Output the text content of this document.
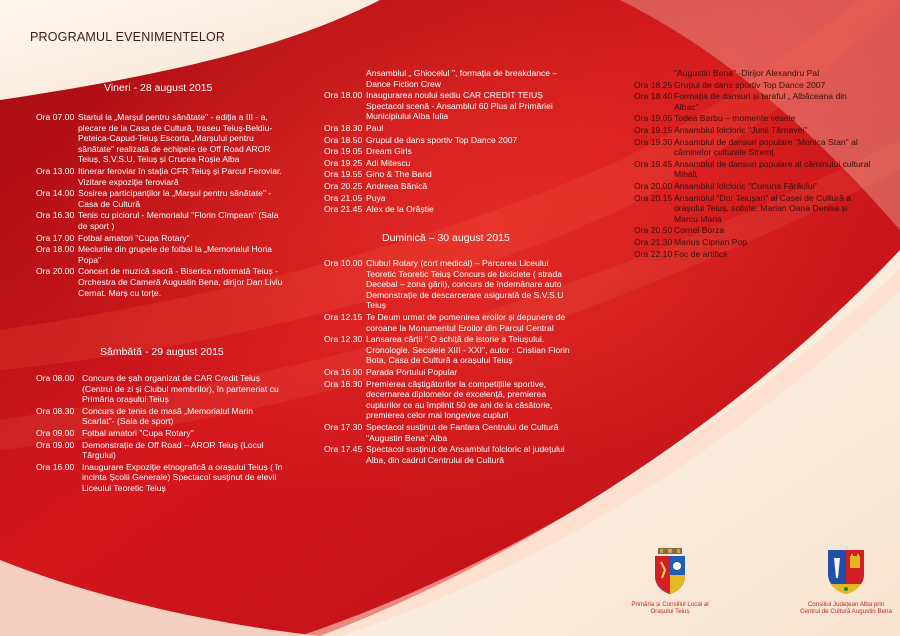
PROGRAMUL EVENIMENTELOR
Vineri - 28 august 2015
Ora 07.00 Startul la „Marșul pentru sănătate" - ediția a III - a, plecare de la Casa de Cultură, traseu Teiuș-Beldiu-Peteica-Capud-Teiuș Escorta „Marșului pentru sănătate" realizată de echipele de Off Road AROR Teiuș, S.V.S.U. Teiuș și Crucea Roșie Alba
Ora 13.00 Itinerar feroviar în stația CFR Teiuș și Parcul Feroviar. Vizitare expoziție feroviară
Ora 14.00 Sosirea participanților la „Marșul pentru sănătate" - Casa de Cultură
Ora 16.30 Tenis cu piciorul - Memorialul "Florin Cîmpean" (Sala de sport )
Ora 17.00 Fotbal amatori "Cupa Rotary"
Ora 18.00 Meciurile din grupele de fotbal la „Memorialul Horia Popa"
Ora 20.00 Concert de muzică sacră - Biserica reformată Teiuș - Orchestra de Cameră Augustin Bena, dirijor Dan Liviu Cernat. Marș cu torțe.
Sâmbătă - 29 august 2015
Ora 08.00 Concurs de șah organizat de CAR Credit Teiuș (Centrul de zi și Clubul membrilor), în parteneriat cu Primăria orașului Teiuș
Ora 08.30 Concurs de tenis de masă „Memorialul Marin Scarlat"- (Sala de sport)
Ora 09.00 Fotbal amatori "Cupa Rotary"
Ora 09.00 Demonstrație de Off Road – AROR Teiuș (Locul Târgului)
Ora 16.00 Inaugurare Expoziție etnografică a orașului Teiuș ( în incinta Școlii Generale) Spectacol susținut de elevii Liceului Teoretic Teiuș
Ansamblul „ Ghiocelul ", formația de breakdance – Dance Fiction Crew
Ora 18.00 Inaugurarea noului sediu CAR CREDIT TEIUȘ Spectacol scenă - Ansamblul 60 Plus al Primăriei Municipiului Alba Iulia
Ora 18.30 Paul
Ora 18.50 Grupul de dans sportiv Top Dance 2007
Ora 19.05 Dream Girls
Ora 19.25 Adi Mitescu
Ora 19.55 Gino & The Band
Ora 20.25 Andreea Bănică
Ora 21.05 Puya
Ora 21.45 Alex de la Orăștie
Duminică – 30 august 2015
Ora 10.00 Clubul Rotary (cort medical) – Parcarea Liceului Teoretic Teoretic Teiuș Concurs de biciclete ( strada Decebal – zona gării), concurs de îndemânare auto Demonstrație de descarcerare asigurată de S.V.S.U Teiuș
Ora 12.15 Te Deum urmat de pomenirea eroilor și depunere de coroane la Monumentul Eroilor din Parcul Central
Ora 12.30 Lansarea cărții " O schiță de istorie a Teiușului. Cronologie. Secolele XIII - XXI", autor : Cristian Florin Bota, Casa de Cultură a orașului Teiuș
Ora 16.00 Parada Portului Popular
Ora 16.30 Premierea câștigătorilor la competițiile sportive, decernarea diplomelor de excelență, premierea cuplurilor ce au împlinit 50 de ani de la căsătorie, premierea celor mai longevive cupluri
Ora 17.30 Spectacol susținut de Fanfara Centrului de Cultură "Augustin Bena" Alba
Ora 17.45 Spectacol susținut de Ansamblul folcloric al județului Alba, din cadrul Centrului de Cultură
"Augustin Bena" -Dirijor Alexandru Pal
Ora 18.25 Grupul de dans sportiv Top Dance 2007
Ora 18.40 Formația de dansuri și taraful „ Albăceana din Albac"
Ora 19.05 Todea Barbu – momente vesele
Ora 19.15 Ansamblul folcloric "Junii Târnavei"
Ora 19.30 Ansamblul de dansuri populare "Monica Stan" al căminelor culturale Stremț
Ora 19.45 Ansamblul de dansuri populare al căminului cultural Mihalț
Ora 20.00 Ansamblul folcloric "Cununa Fărăului"
Ora 20.15 Ansamblul "Dor Teiușan" al Casei de Cultură a orașului Teiuș, soliste: Marian Oana Denisa și Marcu Maria
Ora 20.50 Cornel Borza
Ora 21.30 Marius Ciprian Pop
Ora 22.10 Foc de artificii
Primăria și Consiliul Local al Orașului Teiuș
Consiliul Județean Alba prin Centrul de Cultură Augustin Bena
